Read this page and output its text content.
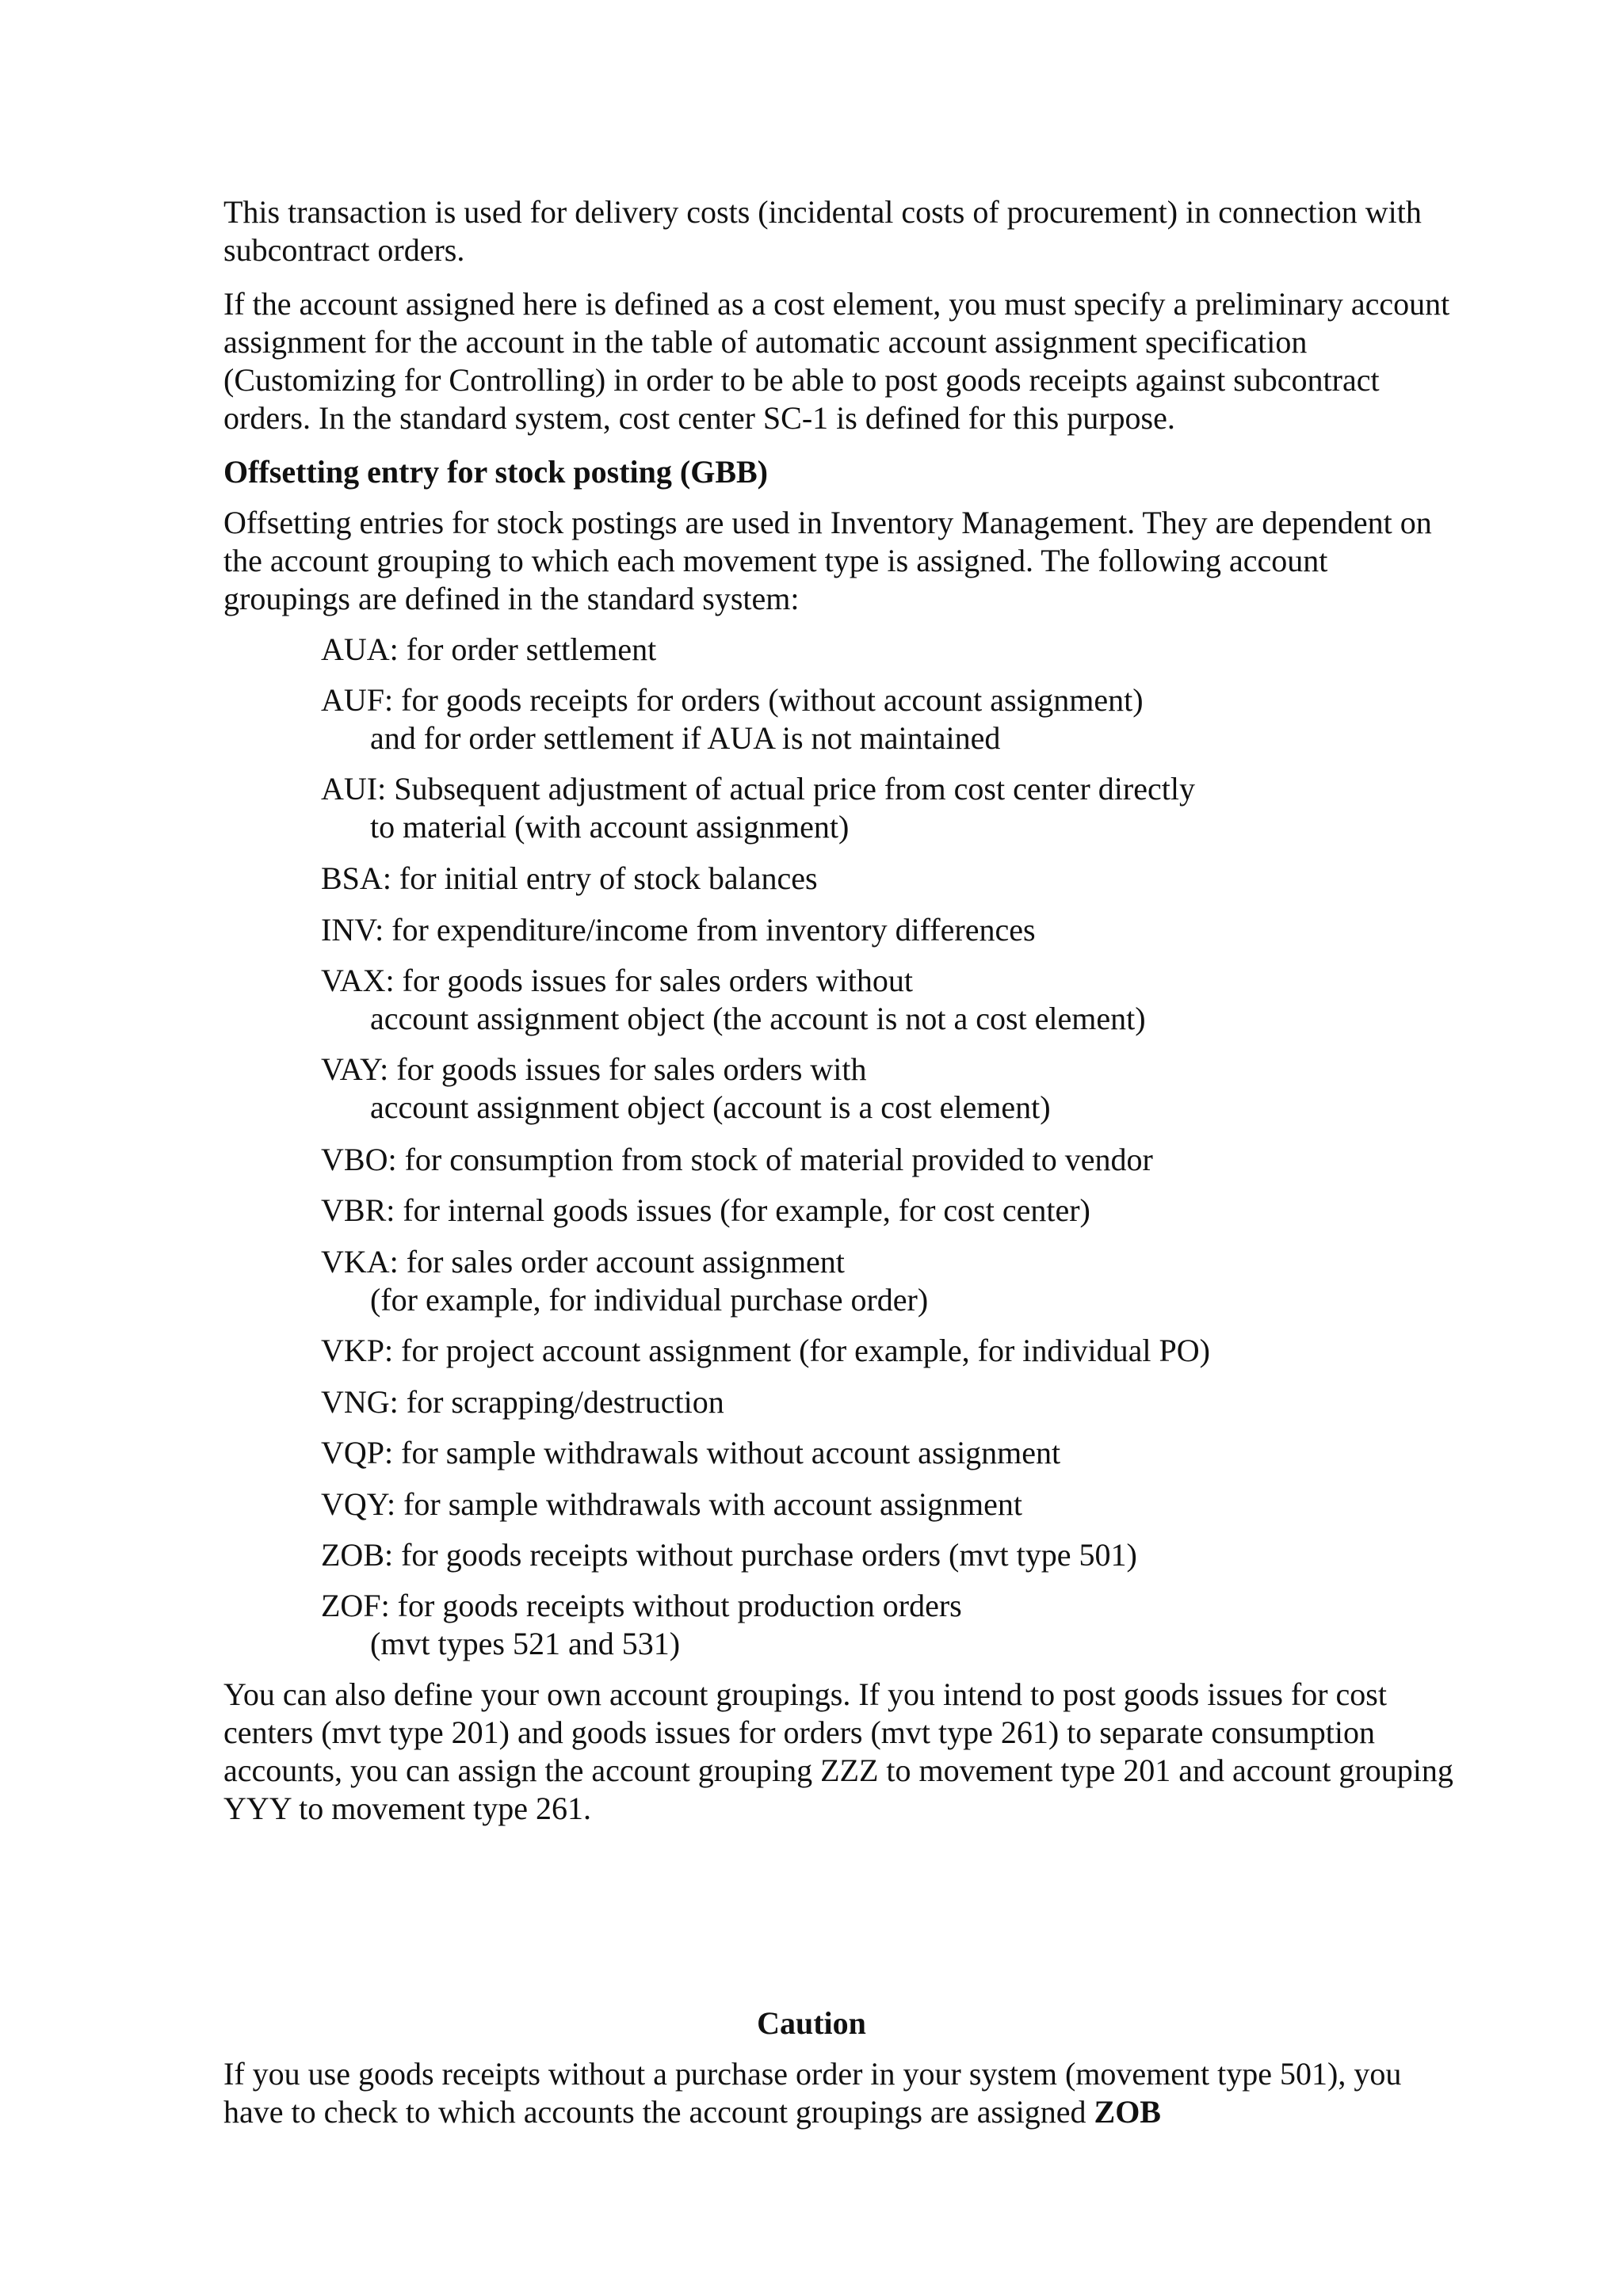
This transaction is used for delivery costs (incidental costs of procurement) in connection with subcontract orders.

If the account assigned here is defined as a cost element, you must specify a preliminary account assignment for the account in the table of automatic account assignment specification (Customizing for Controlling) in order to be able to post goods receipts against subcontract orders. In the standard system, cost center SC-1 is defined for this purpose.

Offsetting entry for stock posting (GBB)

Offsetting entries for stock postings are used in Inventory Management. They are dependent on the account grouping to which each movement type is assigned. The following account groupings are defined in the standard system:

AUA: for order settlement

AUF: for goods receipts for orders (without account assignment)
and for order settlement if AUA is not maintained

AUI: Subsequent adjustment of actual price from cost center directly
to material (with account assignment)

BSA: for initial entry of stock balances

INV: for expenditure/income from inventory differences

VAX: for goods issues for sales orders without
account assignment object (the account is not a cost element)

VAY: for goods issues for sales orders with
account assignment object (account is a cost element)

VBO: for consumption from stock of material provided to vendor

VBR: for internal goods issues (for example, for cost center)

VKA: for sales order account assignment
(for example, for individual purchase order)

VKP: for project account assignment (for example, for individual PO)

VNG: for scrapping/destruction

VQP: for sample withdrawals without account assignment

VQY: for sample withdrawals with account assignment

ZOB: for goods receipts without purchase orders (mvt type 501)

ZOF: for goods receipts without production orders
(mvt types 521 and 531)

You can also define your own account groupings. If you intend to post goods issues for cost centers (mvt type 201) and goods issues for orders (mvt type 261) to separate consumption accounts, you can assign the account grouping ZZZ to movement type 201 and account grouping YYY to movement type 261.

Caution

If you use goods receipts without a purchase order in your system (movement type 501), you have to check to which accounts the account groupings are assigned ZOB
